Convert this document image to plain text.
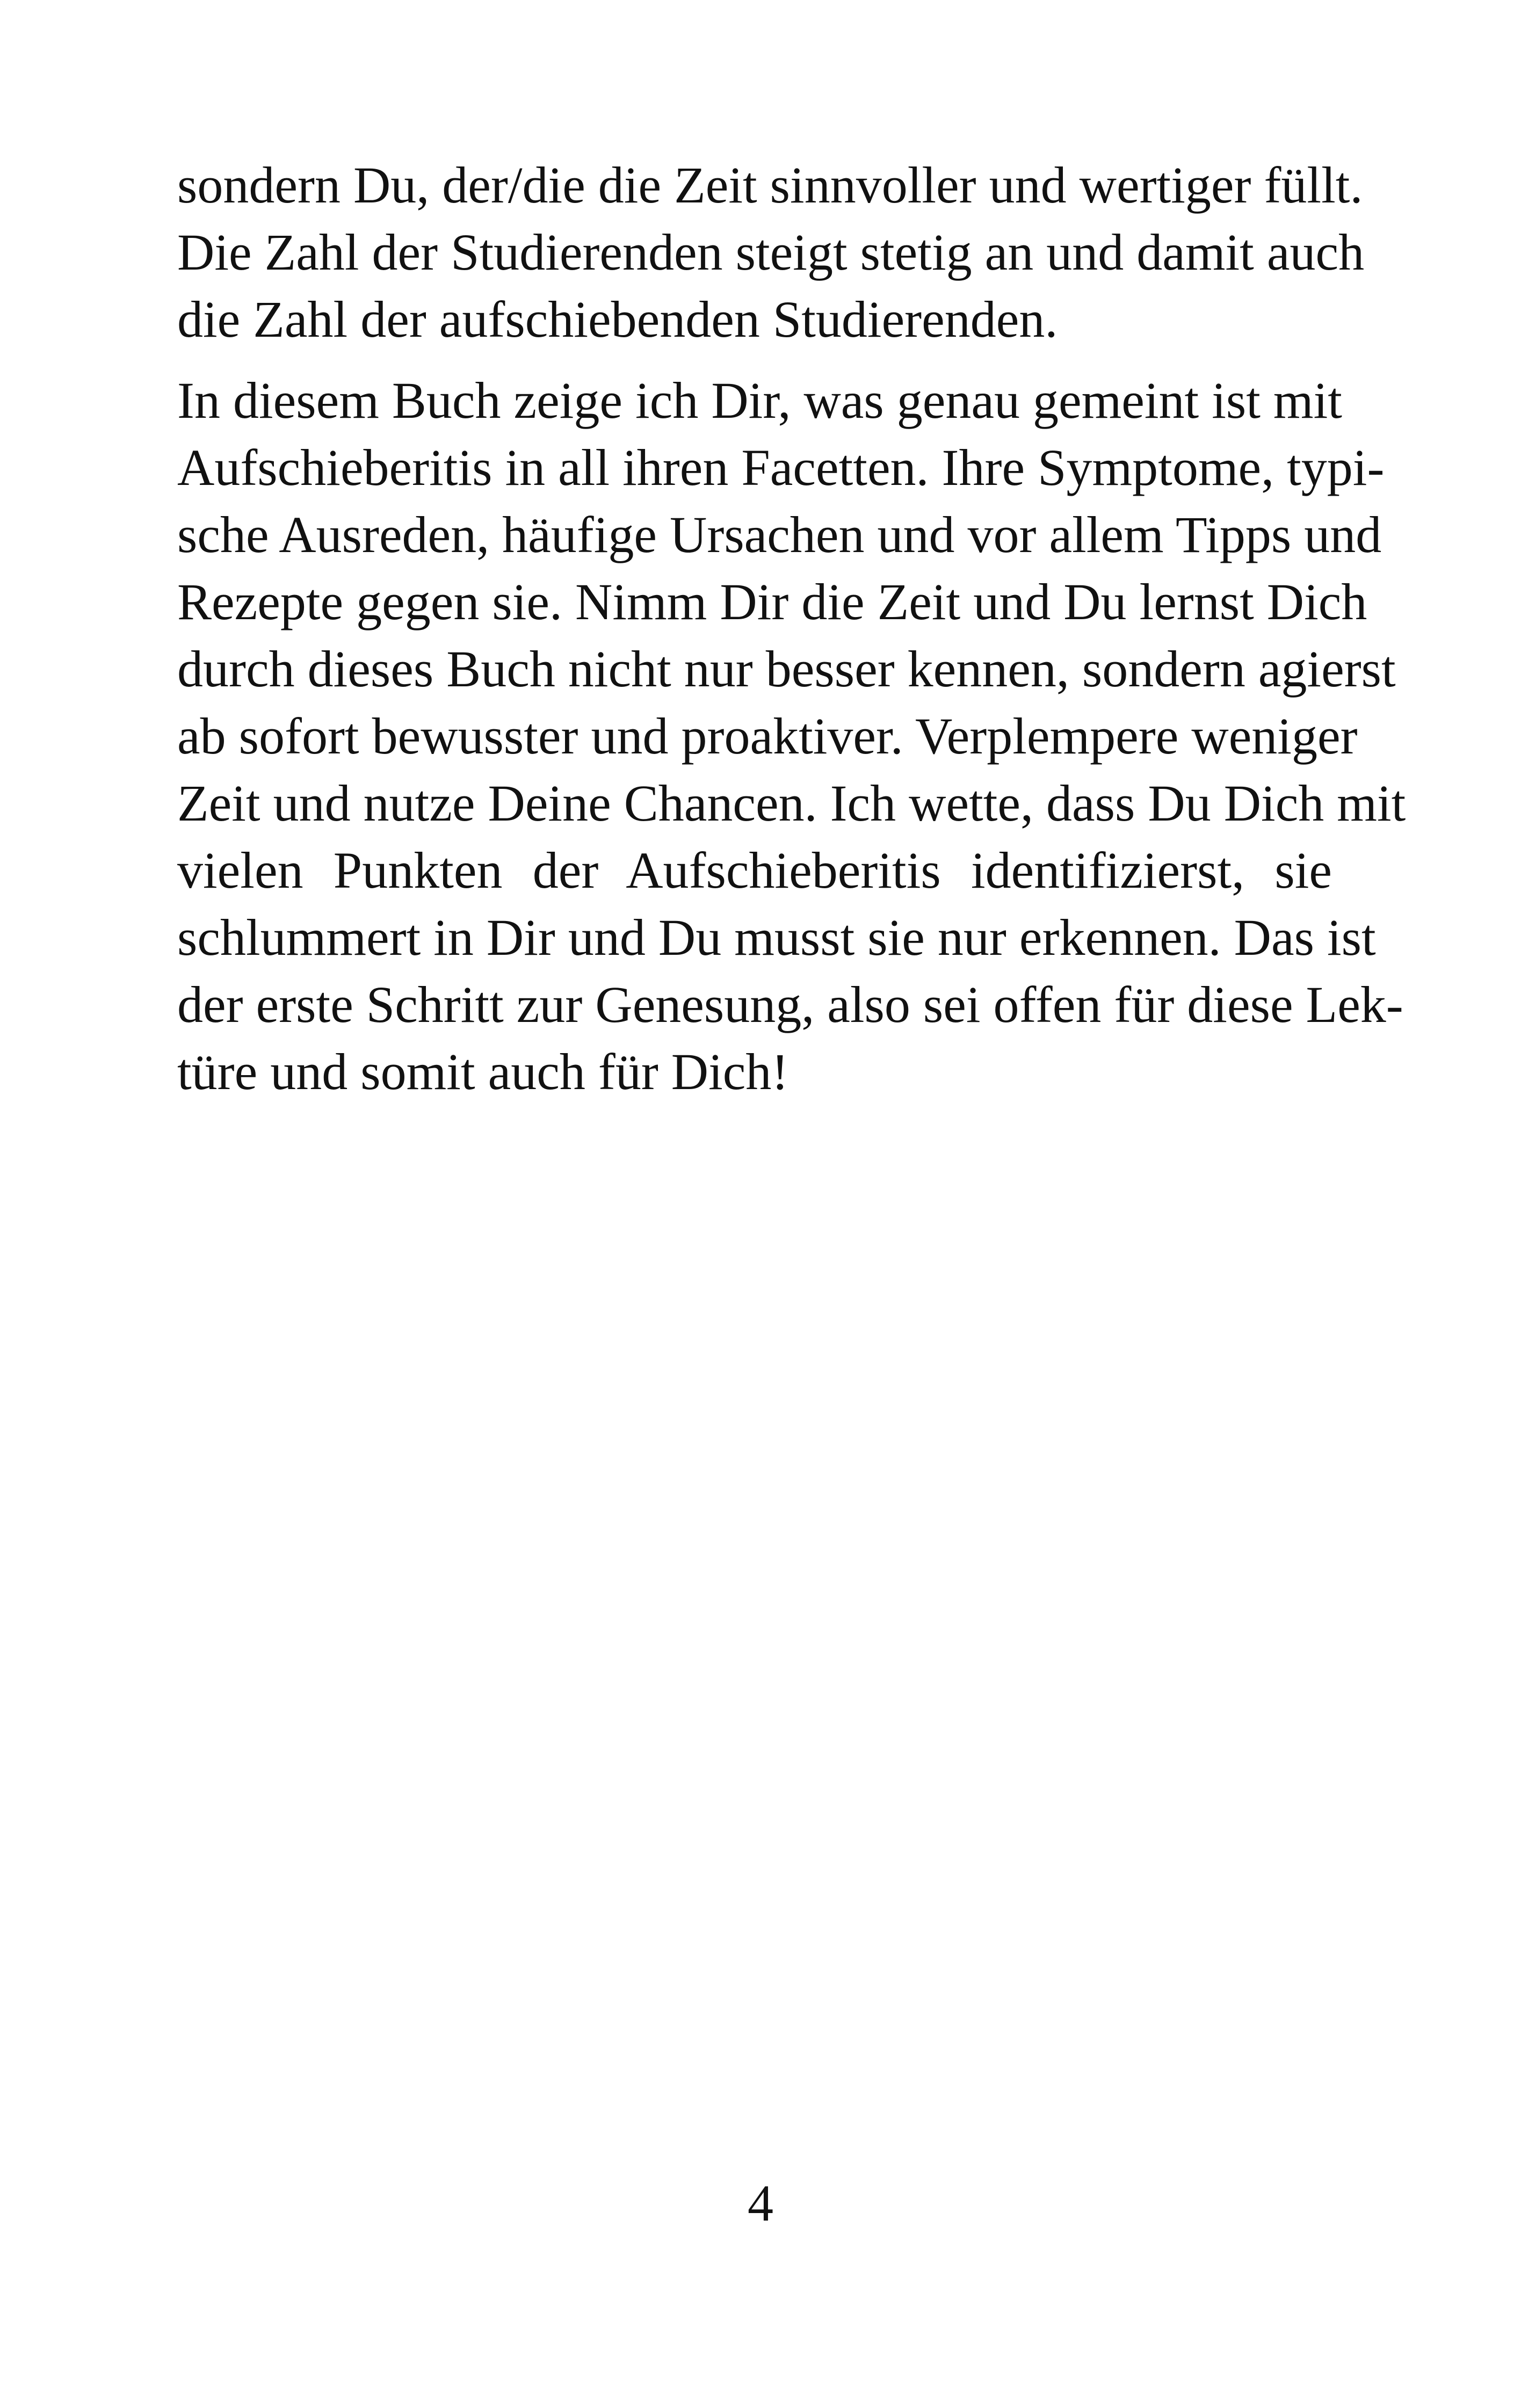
sondern Du, der/die die Zeit sinnvoller und wertiger füllt.
Die Zahl der Studierenden steigt stetig an und damit auch
die Zahl der aufschiebenden Studierenden.
In diesem Buch zeige ich Dir, was genau gemeint ist mit
Aufschieberitis in all ihren Facetten. Ihre Symptome, typi-
sche Ausreden, häufige Ursachen und vor allem Tipps und
Rezepte gegen sie. Nimm Dir die Zeit und Du lernst Dich
durch dieses Buch nicht nur besser kennen, sondern agierst
ab sofort bewusster und proaktiver. Verplempere weniger
Zeit und nutze Deine Chancen. Ich wette, dass Du Dich mit
vielen Punkten der Aufschieberitis identifizierst, sie
schlummert in Dir und Du musst sie nur erkennen. Das ist
der erste Schritt zur Genesung, also sei offen für diese Lek-
türe und somit auch für Dich!
4
